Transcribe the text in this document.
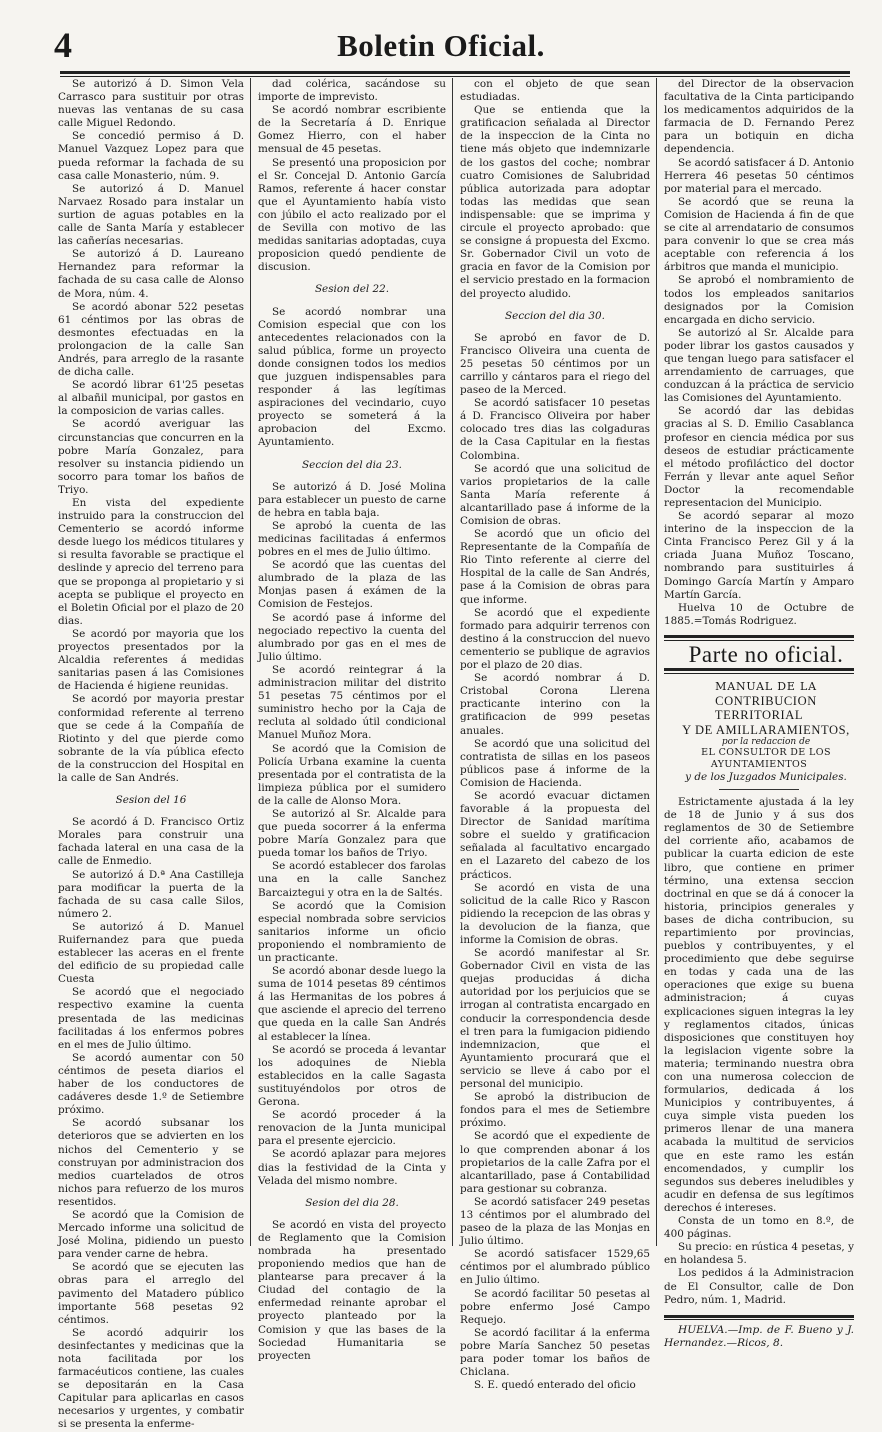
4	Boletin Oficial.

Se autorizó á D. Simon Vela Carrasco para sustituir por otras nuevas las ventanas de su casa calle Miguel Redondo.

Se concedió permiso á D. Manuel Vazquez Lopez para que pueda reformar la fachada de su casa calle Monasterio, núm. 9.

Se autorizó á D. Manuel Narvaez Rosado para instalar un surtion de aguas potables en la calle de Santa María y establecer las cañerías necesarias.

Se autorizó á D. Laureano Hernandez para reformar la fachada de su casa calle de Alonso de Mora, núm. 4.

Se acordó abonar 522 pesetas 61 céntimos por las obras de desmontes efectuadas en la prolongacion de la calle San Andrés, para arreglo de la rasante de dicha calle.

Se acordó librar 61'25 pesetas al albañil municipal, por gastos en la composicion de varias calles.

Se acordó averiguar las circunstancias que concurren en la pobre María Gonzalez, para resolver su instancia pidiendo un socorro para tomar los baños de Triyo.

En vista del expediente instruido para la construccion del Cementerio se acordó informe desde luego los médicos titulares y si resulta favorable se practique el deslinde y aprecio del terreno para que se proponga al propietario y si acepta se publique el proyecto en el Boletin Oficial por el plazo de 20 dias.

Se acordó por mayoria que los proyectos presentados por la Alcaldia referentes á medidas sanitarias pasen á las Comisiones de Hacienda é higiene reunidas.

Se acordó por mayoria prestar conformidad referente al terreno que se cede á la Compañía de Riotinto y del que pierde como sobrante de la vía pública efecto de la construccion del Hospital en la calle de San Andrés.

Sesion del 16

Se acordó á D. Francisco Ortiz Morales para construir una fachada lateral en una casa de la calle de Enmedio.

Se autorizó á D.ª Ana Castilleja para modificar la puerta de la fachada de su casa calle Silos, número 2.

Se autorizó á D. Manuel Ruifernandez para que pueda establecer las aceras en el frente del edificio de su propiedad calle Cuesta

Se acordó que el negociado respectivo examine la cuenta presentada de las medicinas facilitadas á los enfermos pobres en el mes de Julio último.

Se acordó aumentar con 50 céntimos de peseta diarios el haber de los conductores de cadáveres desde 1.º de Setiembre próximo.

Se acordó subsanar los deterioros que se advierten en los nichos del Cementerio y se construyan por administracion dos medios cuartelados de otros nichos para refuerzo de los muros resentidos.

Se acordó que la Comision de Mercado informe una solicitud de José Molina, pidiendo un puesto para vender carne de hebra.

Se acordó que se ejecuten las obras para el arreglo del pavimento del Matadero público importante 568 pesetas 92 céntimos.

Se acordó adquirir los desinfectantes y medicinas que la nota facilitada por los farmacéuticos contiene, las cuales se depositarán en la Casa Capitular para aplicarlas en casos necesarios y urgentes, y combatir si se presenta la enferme-

dad colérica, sacándose su importe de imprevisto.

Se acordó nombrar escribiente de la Secretaría á D. Enrique Gomez Hierro, con el haber mensual de 45 pesetas.

Se presentó una proposicion por el Sr. Concejal D. Antonio García Ramos, referente á hacer constar que el Ayuntamiento había visto con júbilo el acto realizado por el de Sevilla con motivo de las medidas sanitarias adoptadas, cuya proposicion quedó pendiente de discusion.

Sesion del 22.

Se acordó nombrar una Comision especial que con los antecedentes relacionados con la salud pública, forme un proyecto donde consignen todos los medios que juzguen indispensables para responder á las legítimas aspiraciones del vecindario, cuyo proyecto se someterá á la aprobacion del Excmo. Ayuntamiento.

Seccion del dia 23.

Se autorizó á D. José Molina para establecer un puesto de carne de hebra en tabla baja.

Se aprobó la cuenta de las medicinas facilitadas á enfermos pobres en el mes de Julio último.

Se acordó que las cuentas del alumbrado de la plaza de las Monjas pasen á exámen de la Comision de Festejos.

Se acordó pase á informe del negociado repectivo la cuenta del alumbrado por gas en el mes de Julio último.

Se acordó reintegrar á la administracion militar del distrito 51 pesetas 75 céntimos por el suministro hecho por la Caja de recluta al soldado útil condicional Manuel Muñoz Mora.

Se acordó que la Comision de Policía Urbana examine la cuenta presentada por el contratista de la limpieza pública por el sumidero de la calle de Alonso Mora.

Se autorizó al Sr. Alcalde para que pueda socorrer á la enferma pobre María Gonzalez para que pueda tomar los baños de Triyo.

Se acordó establecer dos farolas una en la calle Sanchez Barcaiztegui y otra en la de Saltés.

Se acordó que la Comision especial nombrada sobre servicios sanitarios informe un oficio proponiendo el nombramiento de un practicante.

Se acordó abonar desde luego la suma de 1014 pesetas 89 céntimos á las Hermanitas de los pobres á que asciende el aprecio del terreno que queda en la calle San Andrés al establecer la línea.

Se acordó se proceda á levantar los adoquines de Niebla establecidos en la calle Sagasta sustituyéndolos por otros de Gerona.

Se acordó proceder á la renovacion de la Junta municipal para el presente ejercicio.

Se acordó aplazar para mejores dias la festividad de la Cinta y Velada del mismo nombre.

Sesion del dia 28.

Se acordó en vista del proyecto de Reglamento que la Comision nombrada ha presentado proponiendo medios que han de plantearse para precaver á la Ciudad del contagio de la enfermedad reinante aprobar el proyecto planteado por la Comision y que las bases de la Sociedad Humanitaria se proyecten

con el objeto de que sean estudiadas.

Que se entienda que la gratificacion señalada al Director de la inspeccion de la Cinta no tiene más objeto que indemnizarle de los gastos del coche; nombrar cuatro Comisiones de Salubridad pública autorizada para adoptar todas las medidas que sean indispensable: que se imprima y circule el proyecto aprobado: que se consigne á propuesta del Excmo. Sr. Gobernador Civil un voto de gracia en favor de la Comision por el servicio prestado en la formacion del proyecto aludido.

Seccion del dia 30.

Se aprobó en favor de D. Francisco Oliveira una cuenta de 25 pesetas 50 céntimos por un carrillo y cántaros para el riego del paseo de la Merced.

Se acordó satisfacer 10 pesetas á D. Francisco Oliveira por haber colocado tres dias las colgaduras de la Casa Capitular en la fiestas Colombina.

Se acordó que una solicitud de varios propietarios de la calle Santa María referente á alcantarillado pase á informe de la Comision de obras.

Se acordó que un oficio del Representante de la Compañía de Rio Tinto referente al cierre del Hospital de la calle de San Andrés, pase á la Comision de obras para que informe.

Se acordó que el expediente formado para adquirir terrenos con destino á la construccion del nuevo cementerio se publique de agravios por el plazo de 20 dias.

Se acordó nombrar á D. Cristobal Corona Llerena practicante interino con la gratificacion de 999 pesetas anuales.

Se acordó que una solicitud del contratista de sillas en los paseos públicos pase á informe de la Comision de Hacienda.

Se acordó evacuar dictamen favorable á la propuesta del Director de Sanidad marítima sobre el sueldo y gratificacion señalada al facultativo encargado en el Lazareto del cabezo de los prácticos.

Se acordó en vista de una solicitud de la calle Rico y Rascon pidiendo la recepcion de las obras y la devolucion de la fianza, que informe la Comision de obras.

Se acordó manifestar al Sr. Gobernador Civil en vista de las quejas producidas á dicha autoridad por los perjuicios que se irrogan al contratista encargado en conducir la correspondencia desde el tren para la fumigacion pidiendo indemnizacion, que el Ayuntamiento procurará que el servicio se lleve á cabo por el personal del municipio.

Se aprobó la distribucion de fondos para el mes de Setiembre próximo.

Se acordó que el expediente de lo que comprenden abonar á los propietarios de la calle Zafra por el alcantarillado, pase á Contabilidad para gestionar su cobranza.

Se acordó satisfacer 249 pesetas 13 céntimos por el alumbrado del paseo de la plaza de las Monjas en Julio último.

Se acordó satisfacer 1529,65 céntimos por el alumbrado público en Julio último.

Se acordó facilitar 50 pesetas al pobre enfermo José Campo Requejo.

Se acordó facilitar á la enferma pobre María Sanchez 50 pesetas para poder tomar los baños de Chiclana.

S. E. quedó enterado del oficio

del Director de la observacion facultativa de la Cinta participando los medicamentos adquiridos de la farmacia de D. Fernando Perez para un botiquin en dicha dependencia.

Se acordó satisfacer á D. Antonio Herrera 46 pesetas 50 céntimos por material para el mercado.

Se acordó que se reuna la Comision de Hacienda á fin de que se cite al arrendatario de consumos para convenir lo que se crea más aceptable con referencia á los árbitros que manda el municipio.

Se aprobó el nombramiento de todos los empleados sanitarios designados por la Comision encargada en dicho servicio.

Se autorizó al Sr. Alcalde para poder librar los gastos causados y que tengan luego para satisfacer el arrendamiento de carruages, que conduzcan á la práctica de servicio las Comisiones del Ayuntamiento.

Se acordó dar las debidas gracias al S. D. Emilio Casablanca profesor en ciencia médica por sus deseos de estudiar prácticamente el método profiláctico del doctor Ferrán y llevar ante aquel Señor Doctor la recomendable representacion del Municipio.

Se acordó separar al mozo interino de la inspeccion de la Cinta Francisco Perez Gil y á la criada Juana Muñoz Toscano, nombrando para sustituirles á Domingo García Martín y Amparo Martín García.

Huelva 10 de Octubre de 1885.=Tomás Rodriguez.

Parte no oficial.

MANUAL DE LA

CONTRIBUCION TERRITORIAL

Y DE AMILLARAMIENTOS,

por la redaccion de

EL CONSULTOR DE LOS AYUNTAMIENTOS

y de los Juzgados Municipales.

Estrictamente ajustada á la ley de 18 de Junio y á sus dos reglamentos de 30 de Setiembre del corriente año, acabamos de publicar la cuarta edicion de este libro, que contiene en primer término, una extensa seccion doctrinal en que se dá á conocer la historia, principios generales y bases de dicha contribucion, su repartimiento por provincias, pueblos y contribuyentes, y el procedimiento que debe seguirse en todas y cada una de las operaciones que exige su buena administracion; á cuyas explicaciones siguen integras la ley y reglamentos citados, únicas disposiciones que constituyen hoy la legislacion vigente sobre la materia; terminando nuestra obra con una numerosa coleccion de formularios, dedicada á los Municipios y contribuyentes, á cuya simple vista pueden los primeros llenar de una manera acabada la multitud de servicios que en este ramo les están encomendados, y cumplir los segundos sus deberes ineludibles y acudir en defensa de sus legítimos derechos é intereses.

Consta de un tomo en 8.º, de 400 páginas.

Su precio: en rústica 4 pesetas, y en holandesa 5.

Los pedidos á la Administracion de El Consultor, calle de Don Pedro, núm. 1, Madrid.

HUELVA.—Imp. de F. Bueno y J. Hernandez.—Ricos, 8.
